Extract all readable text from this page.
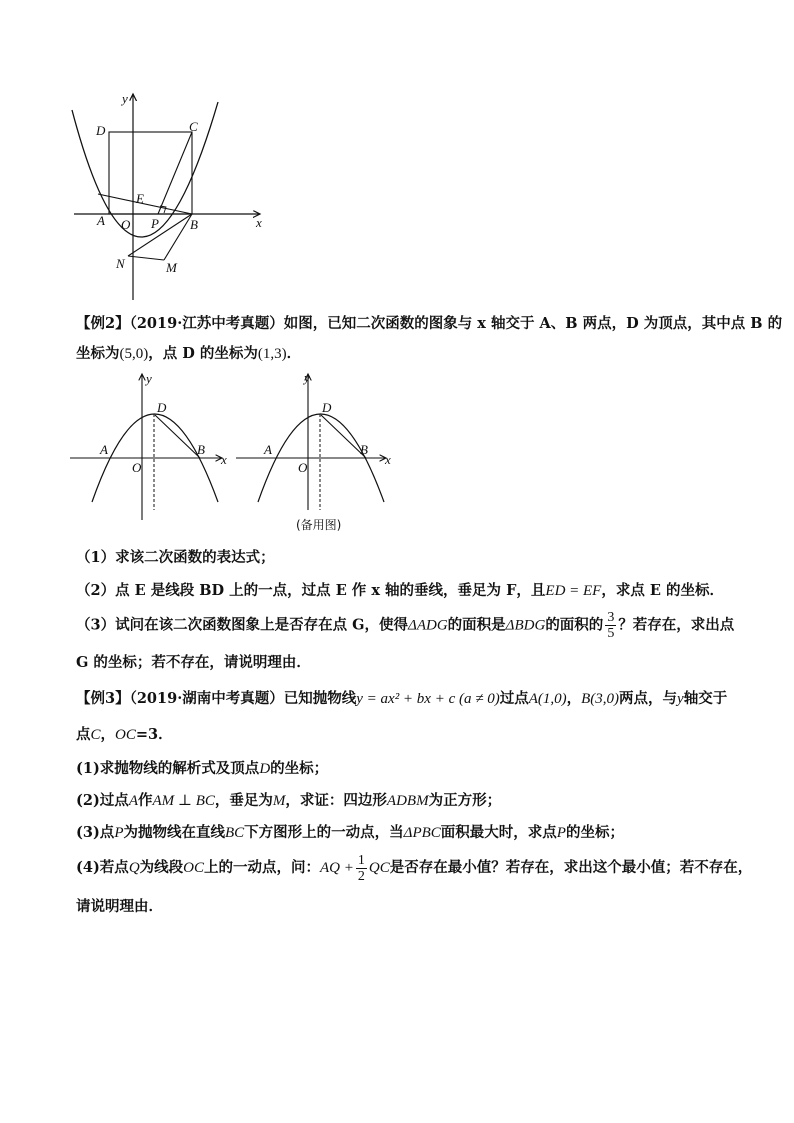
y
x
D	C
E
A O P B
N	M
【例2】（2019·江苏中考真题）如图，已知二次函数的图象与 x 轴交于 A、B 两点，D 为顶点，其中点 B 的
坐标为(5,0)，点 D 的坐标为(1,3)．
y
x
D
A	B
O
y
x
D
A	B
O
(备用图)
（1）求该二次函数的表达式；
（2）点 E 是线段 BD 上的一点，过点 E 作 x 轴的垂线，垂足为 F，且ED = EF，求点 E 的坐标．
（3）试问在该二次函数图象上是否存在点 G，使得ΔADG的面积是ΔBDG的面积的 $\frac{3}{5}$ ？若存在，求出点
G 的坐标；若不存在，请说明理由．
【例3】（2019·湖南中考真题）已知抛物线y = ax² + bx + c (a ≠ 0)过点A(1,0)，B(3,0)两点，与y轴交于
点C，OC=3．
(1)求抛物线的解析式及顶点D的坐标；
(2)过点A作AM ⊥ BC，垂足为M，求证：四边形ADBM为正方形；
(3)点P为抛物线在直线BC下方图形上的一动点，当ΔPBC面积最大时，求点P的坐标；
(4)若点Q为线段OC上的一动点，问：AQ + $\frac{1}{2}$ QC是否存在最小值？若存在，求出这个最小值；若不存在，
请说明理由．
